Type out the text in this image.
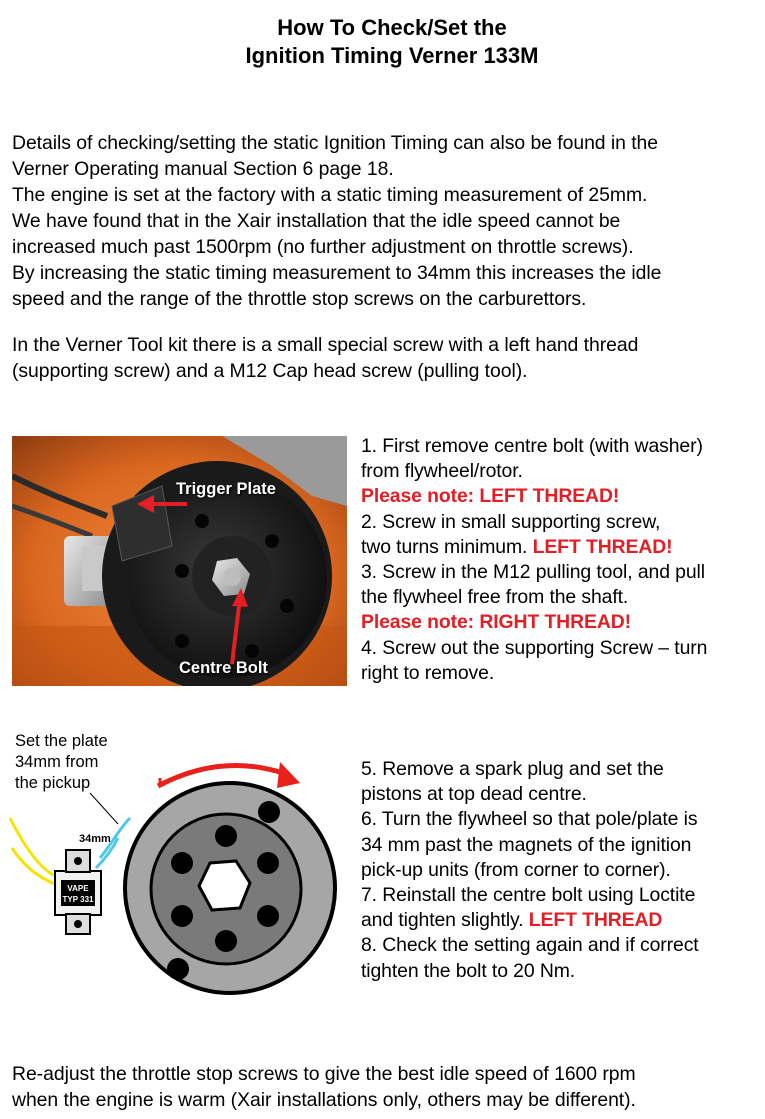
How To Check/Set the
Ignition Timing Verner 133M
Details of checking/setting the static Ignition Timing can also be found in the
Verner Operating manual Section 6 page 18.
The engine is set at the factory with a static timing measurement of 25mm.
We have found that in the Xair installation that the idle speed cannot be
increased much past 1500rpm (no further adjustment on throttle screws).
By increasing the static timing measurement to 34mm this increases the idle
speed and the range of the throttle stop screws on the carburettors.
In the Verner Tool kit there is a small special screw with a left hand thread
(supporting screw) and a M12 Cap head screw (pulling tool).
Trigger Plate
Centre Bolt
1. First remove centre bolt (with washer)
from flywheel/rotor.
Please note: LEFT THREAD!
2. Screw in small supporting screw,
two turns minimum. LEFT THREAD!
3. Screw in the M12 pulling tool, and pull
the flywheel free from the shaft.
Please note: RIGHT THREAD!
4. Screw out the supporting Screw – turn
right to remove.
VAPE
TYP 331
34mm
Set the plate
34mm from
the pickup
5. Remove a spark plug and set the
pistons at top dead centre.
6. Turn the flywheel so that pole/plate is
34 mm past the magnets of the ignition
pick-up units (from corner to corner).
7. Reinstall the centre bolt using Loctite
and tighten slightly. LEFT THREAD
8. Check the setting again and if correct
tighten the bolt to 20 Nm.
Re-adjust the throttle stop screws to give the best idle speed of 1600 rpm
when the engine is warm (Xair installations only, others may be different).
